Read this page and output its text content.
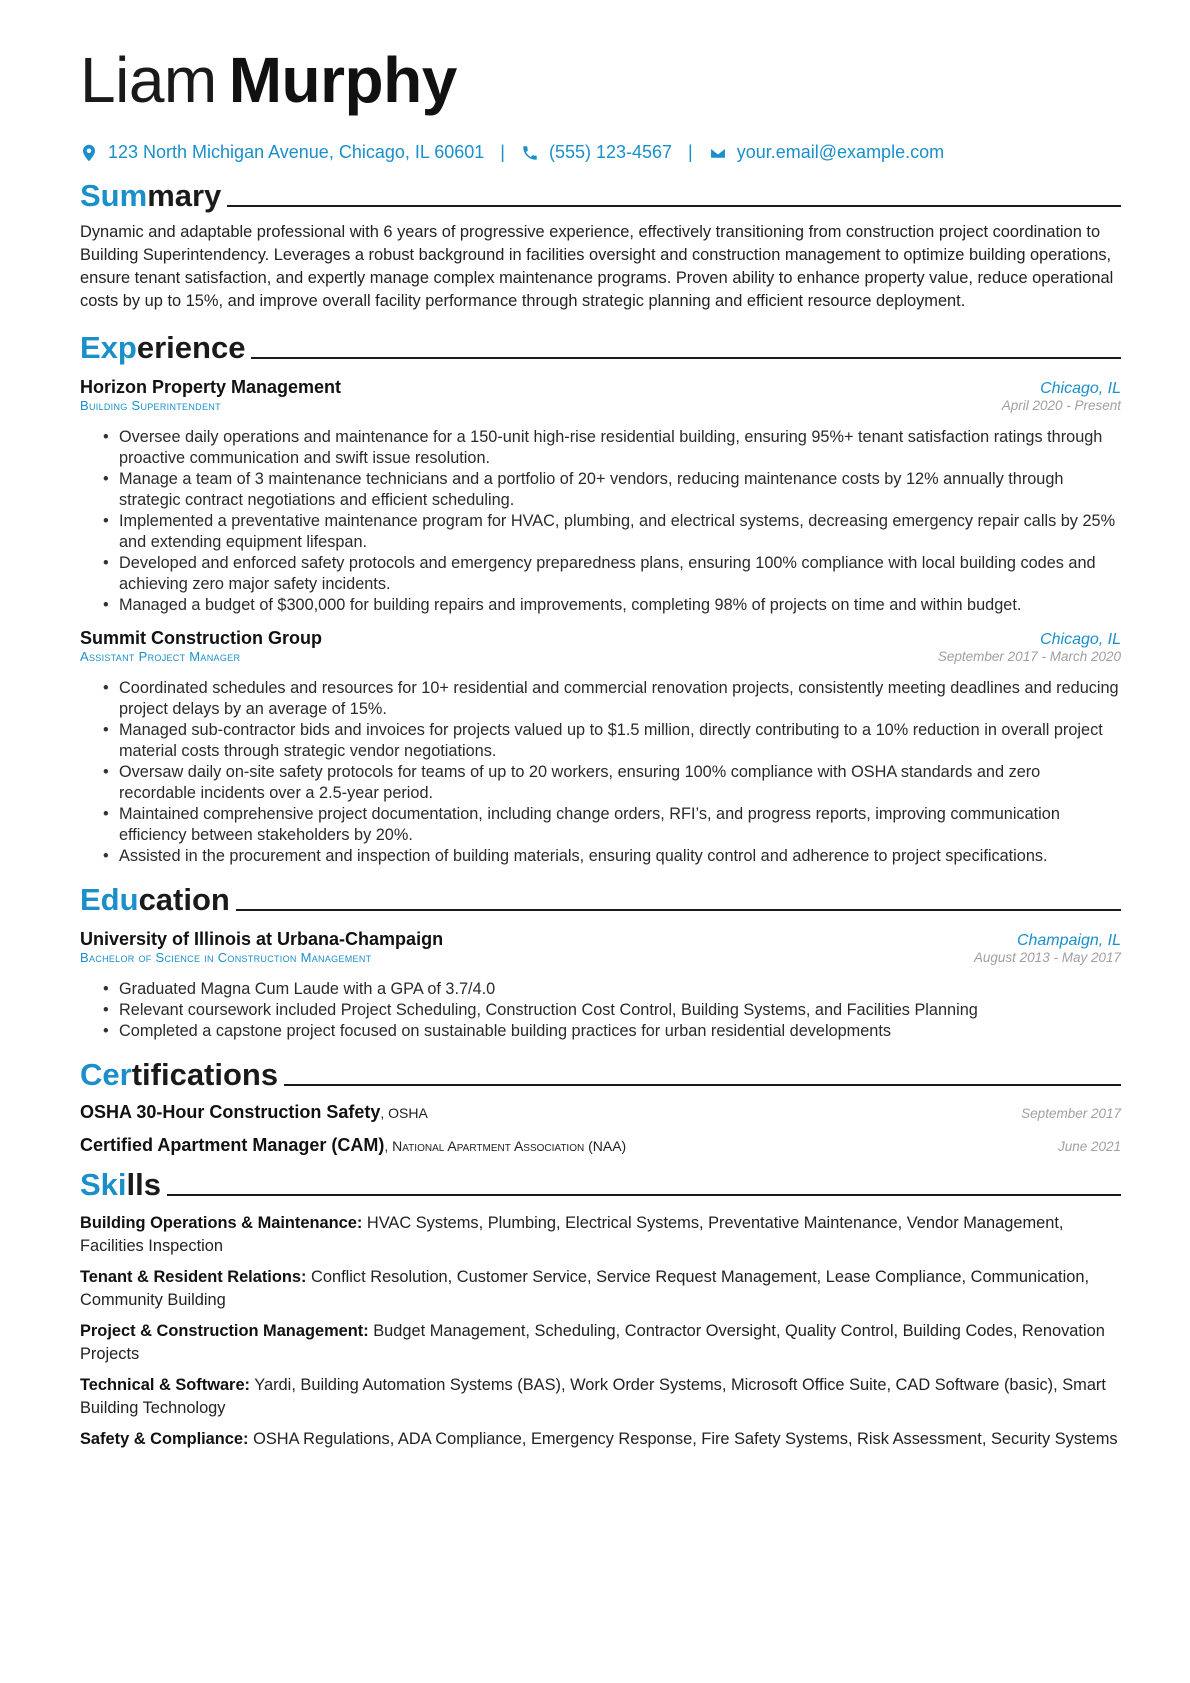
Liam Murphy
123 North Michigan Avenue, Chicago, IL 60601 | (555) 123-4567 | your.email@example.com
Summary

Dynamic and adaptable professional with 6 years of progressive experience, effectively transitioning from construction project coordination to Building Superintendency. Leverages a robust background in facilities oversight and construction management to optimize building operations, ensure tenant satisfaction, and expertly manage complex maintenance programs. Proven ability to enhance property value, reduce operational costs by up to 15%, and improve overall facility performance through strategic planning and efficient resource deployment.

Experience
Horizon Property Management	Chicago, IL
Building Superintendent	April 2020 - Present
• Oversee daily operations and maintenance for a 150-unit high-rise residential building, ensuring 95%+ tenant satisfaction ratings through proactive communication and swift issue resolution.
• Manage a team of 3 maintenance technicians and a portfolio of 20+ vendors, reducing maintenance costs by 12% annually through strategic contract negotiations and efficient scheduling.
• Implemented a preventative maintenance program for HVAC, plumbing, and electrical systems, decreasing emergency repair calls by 25% and extending equipment lifespan.
• Developed and enforced safety protocols and emergency preparedness plans, ensuring 100% compliance with local building codes and achieving zero major safety incidents.
• Managed a budget of $300,000 for building repairs and improvements, completing 98% of projects on time and within budget.
Summit Construction Group	Chicago, IL
Assistant Project Manager	September 2017 - March 2020
• Coordinated schedules and resources for 10+ residential and commercial renovation projects, consistently meeting deadlines and reducing project delays by an average of 15%.
• Managed sub-contractor bids and invoices for projects valued up to $1.5 million, directly contributing to a 10% reduction in overall project material costs through strategic vendor negotiations.
• Oversaw daily on-site safety protocols for teams of up to 20 workers, ensuring 100% compliance with OSHA standards and zero recordable incidents over a 2.5-year period.
• Maintained comprehensive project documentation, including change orders, RFI’s, and progress reports, improving communication efficiency between stakeholders by 20%.
• Assisted in the procurement and inspection of building materials, ensuring quality control and adherence to project specifications.
Education
University of Illinois at Urbana-Champaign	Champaign, IL
Bachelor of Science in Construction Management	August 2013 - May 2017
• Graduated Magna Cum Laude with a GPA of 3.7/4.0
• Relevant coursework included Project Scheduling, Construction Cost Control, Building Systems, and Facilities Planning
• Completed a capstone project focused on sustainable building practices for urban residential developments
Certifications
OSHA 30-Hour Construction Safety, OSHA	September 2017
Certified Apartment Manager (CAM), National Apartment Association (NAA)	June 2021
Skills
Building Operations & Maintenance: HVAC Systems, Plumbing, Electrical Systems, Preventative Maintenance, Vendor Management, Facilities Inspection
Tenant & Resident Relations: Conflict Resolution, Customer Service, Service Request Management, Lease Compliance, Communication, Community Building
Project & Construction Management: Budget Management, Scheduling, Contractor Oversight, Quality Control, Building Codes, Renovation Projects
Technical & Software: Yardi, Building Automation Systems (BAS), Work Order Systems, Microsoft Office Suite, CAD Software (basic), Smart Building Technology
Safety & Compliance: OSHA Regulations, ADA Compliance, Emergency Response, Fire Safety Systems, Risk Assessment, Security Systems
